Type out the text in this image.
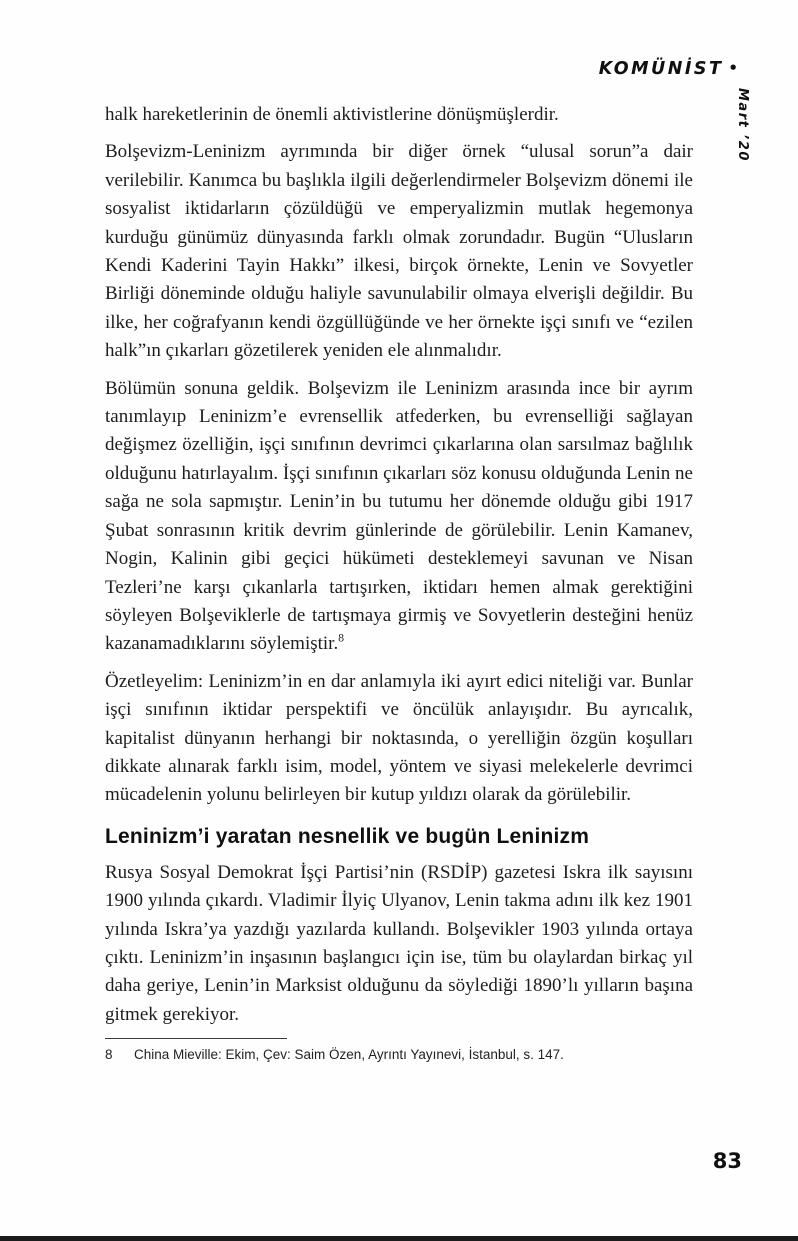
KOMÜNİST •
Mart ’20

halk hareketlerinin de önemli aktivistlerine dönüşmüşlerdir.

Bolşevizm-Leninizm ayrımında bir diğer örnek “ulusal sorun”a dair verilebilir. Kanımca bu başlıkla ilgili değerlendirmeler Bolşevizm dönemi ile sosyalist iktidarların çözüldüğü ve emperyalizmin mutlak hegemonya kurduğu günümüz dünyasında farklı olmak zorundadır. Bugün “Ulusların Kendi Kaderini Tayin Hakkı” ilkesi, birçok örnekte, Lenin ve Sovyetler Birliği döneminde olduğu haliyle savunulabilir olmaya elverişli değildir. Bu ilke, her coğrafyanın kendi özgüllüğünde ve her örnekte işçi sınıfı ve “ezilen halk”ın çıkarları gözetilerek yeniden ele alınmalıdır.

Bölümün sonuna geldik. Bolşevizm ile Leninizm arasında ince bir ayrım tanımlayıp Leninizm’e evrensellik atfederken, bu evrenselliği sağlayan değişmez özelliğin, işçi sınıfının devrimci çıkarlarına olan sarsılmaz bağlılık olduğunu hatırlayalım. İşçi sınıfının çıkarları söz konusu olduğunda Lenin ne sağa ne sola sapmıştır. Lenin’in bu tutumu her dönemde olduğu gibi 1917 Şubat sonrasının kritik devrim günlerinde de görülebilir. Lenin Kamanev, Nogin, Kalinin gibi geçici hükümeti desteklemeyi savunan ve Nisan Tezleri’ne karşı çıkanlarla tartışırken, iktidarı hemen almak gerektiğini söyleyen Bolşeviklerle de tartışmaya girmiş ve Sovyetlerin desteğini henüz kazanamadıklarını söylemiştir.$^8$

Özetleyelim: Leninizm’in en dar anlamıyla iki ayırt edici niteliği var. Bunlar işçi sınıfının iktidar perspektifi ve öncülük anlayışıdır. Bu ayrıcalık, kapitalist dünyanın herhangi bir noktasında, o yerelliğin özgün koşulları dikkate alınarak farklı isim, model, yöntem ve siyasi melekelerle devrimci mücadelenin yolunu belirleyen bir kutup yıldızı olarak da görülebilir.

Leninizm’i yaratan nesnellik ve bugün Leninizm

Rusya Sosyal Demokrat İşçi Partisi’nin (RSDİP) gazetesi Iskra ilk sayısını 1900 yılında çıkardı. Vladimir İlyiç Ulyanov, Lenin takma adını ilk kez 1901 yılında Iskra’ya yazdığı yazılarda kullandı. Bolşevikler 1903 yılında ortaya çıktı. Leninizm’in inşasının başlangıcı için ise, tüm bu olaylardan birkaç yıl daha geriye, Lenin’in Marksist olduğunu da söylediği 1890’lı yılların başına gitmek gerekiyor.

8	China Mieville: Ekim, Çev: Saim Özen, Ayrıntı Yayınevi, İstanbul, s. 147.
83
